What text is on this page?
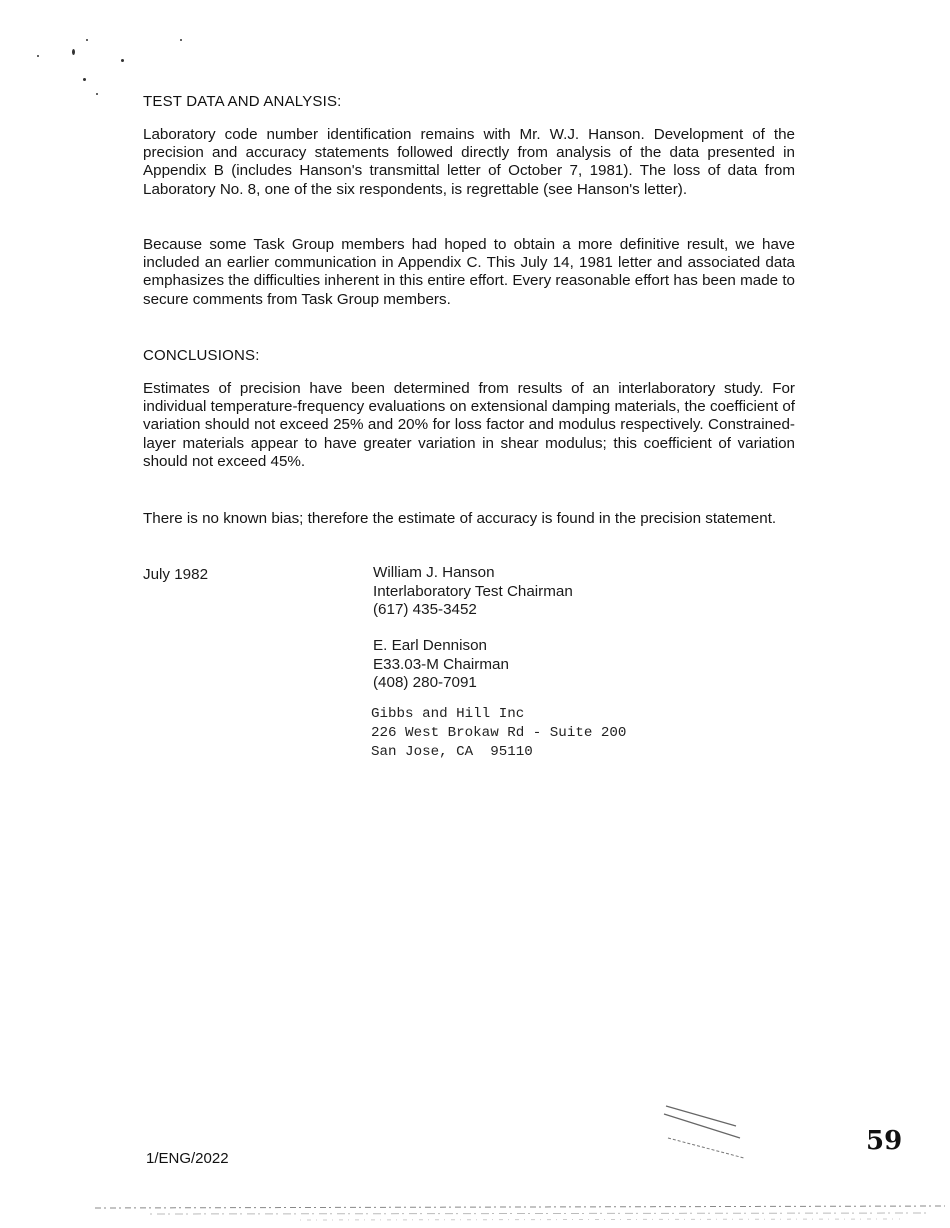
TEST DATA AND ANALYSIS:

Laboratory code number identification remains with Mr. W.J. Hanson. Development of the precision and accuracy statements followed directly from analysis of the data presented in Appendix B (includes Hanson's transmittal letter of October 7, 1981). The loss of data from Laboratory No. 8, one of the six respondents, is regrettable (see Hanson's letter).

Because some Task Group members had hoped to obtain a more definitive result, we have included an earlier communication in Appendix C. This July 14, 1981 letter and associated data emphasizes the difficulties inherent in this entire effort. Every reasonable effort has been made to secure comments from Task Group members.

CONCLUSIONS:

Estimates of precision have been determined from results of an interlaboratory study. For individual temperature-frequency evaluations on extensional damping materials, the coefficient of variation should not exceed 25% and 20% for loss factor and modulus respectively. Constrained-layer materials appear to have greater variation in shear modulus; this coefficient of variation should not exceed 45%.

There is no known bias; therefore the estimate of accuracy is found in the precision statement.

July 1982	William J. Hanson
Interlaboratory Test Chairman
(617) 435-3452
E. Earl Dennison
E33.03-M Chairman
(408) 280-7091
Gibbs and Hill Inc
226 West Brokaw Rd - Suite 200
San Jose, CA  95110
1/ENG/2022
59
